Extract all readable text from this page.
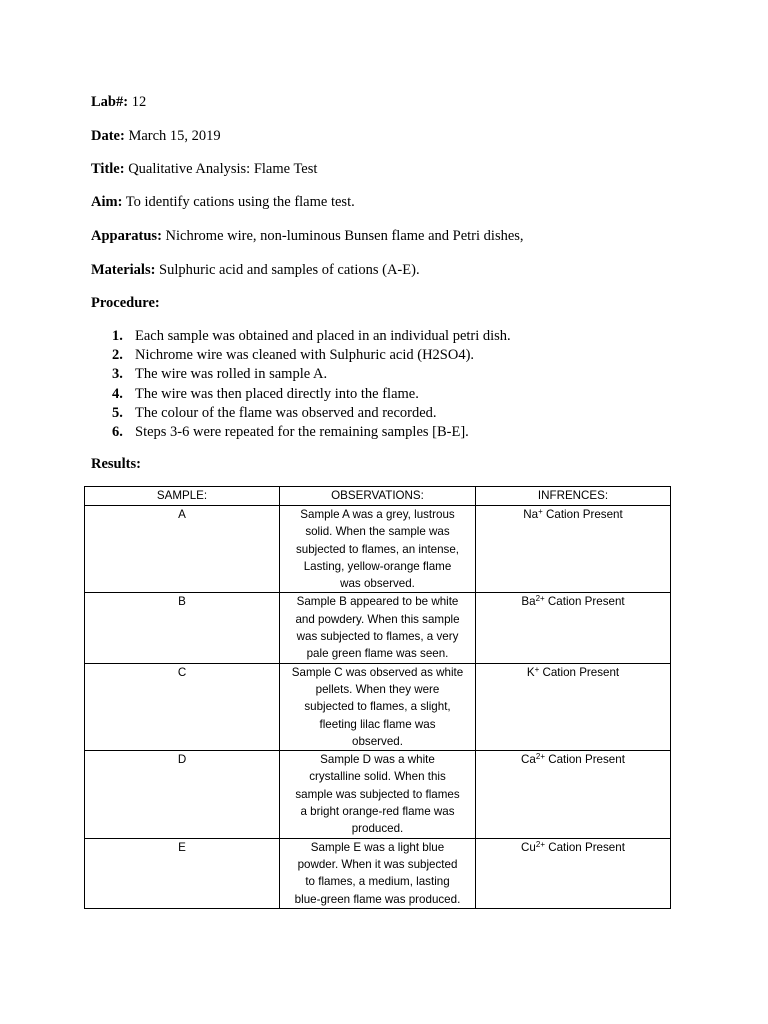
Lab#: 12
Date: March 15, 2019
Title: Qualitative Analysis: Flame Test
Aim: To identify cations using the flame test.
Apparatus: Nichrome wire, non-luminous Bunsen flame and Petri dishes,
Materials: Sulphuric acid and samples of cations (A-E).
Procedure:
1. Each sample was obtained and placed in an individual petri dish.
2. Nichrome wire was cleaned with Sulphuric acid (H2SO4).
3. The wire was rolled in sample A.
4. The wire was then placed directly into the flame.
5. The colour of the flame was observed and recorded.
6. Steps 3-6 were repeated for the remaining samples [B-E].
Results:
SAMPLE:	OBSERVATIONS:	INFRENCES:
A	Sample A was a grey, lustrous
solid. When the sample was
subjected to flames, an intense,
Lasting, yellow-orange flame
was observed.	Na+ Cation Present
B	Sample B appeared to be white
and powdery. When this sample
was subjected to flames, a very
pale green flame was seen.	$Ba^{2+}$ Cation Present
C	Sample C was observed as white
pellets. When they were
subjected to flames, a slight,
fleeting lilac flame was
observed.	K+ Cation Present
D	Sample D was a white
crystalline solid. When this
sample was subjected to flames
a bright orange-red flame was
produced.	$Ca^{2+}$ Cation Present
E	Sample E was a light blue
powder. When it was subjected
to flames, a medium, lasting
blue-green flame was produced.	$Cu^{2+}$ Cation Present
